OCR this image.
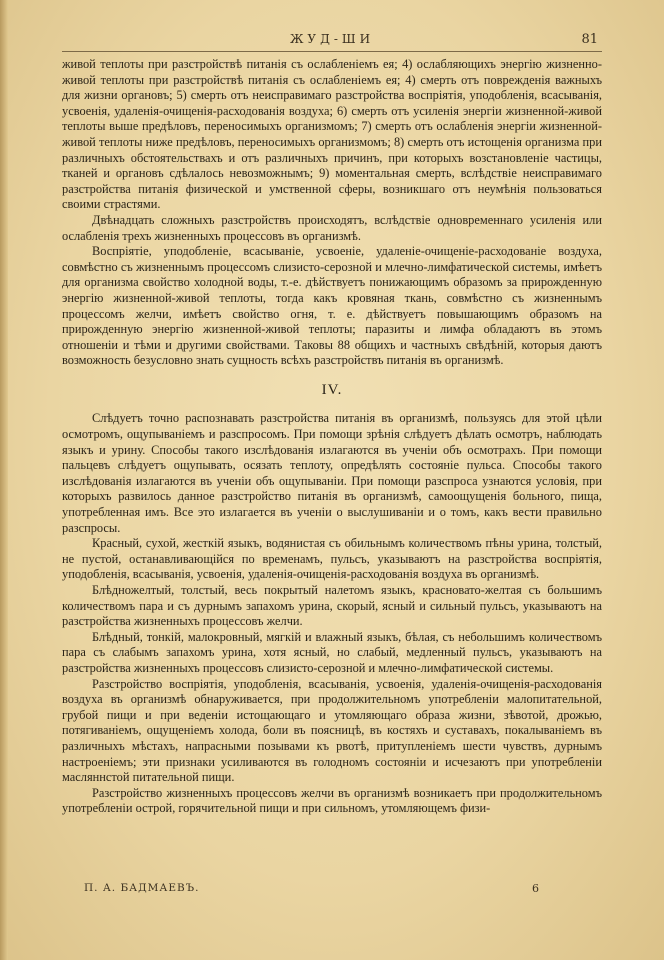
ЖУД-ШИ	81

живой теплоты при разстройствѣ питанія съ ослабленіемъ ея; 4) ослабляющихъ энергію жизненно-живой теплоты при разстройствѣ питанія съ ослабленіемъ ея; 4) смерть отъ поврежденія важныхъ для жизни органовъ; 5) смерть отъ неисправимаго разстройства воспріятія, уподобленія, всасыванія, усвоенія, удаленія-очищенія-расходованія воздуха; 6) смерть отъ усиленія энергіи жизненной-живой теплоты выше предѣловъ, переносимыхъ организмомъ; 7) смерть отъ ослабленія энергіи жизненной-живой теплоты ниже предѣловъ, переносимыхъ организмомъ; 8) смерть отъ истощенія организма при различныхъ обстоятельствахъ и отъ различныхъ причинъ, при которыхъ возстановленіе частицы, тканей и органовъ сдѣлалось невозможнымъ; 9) моментальная смерть, вслѣдствіе неисправимаго разстройства питанія физической и умственной сферы, возникшаго отъ неумѣнія пользоваться своими страстями.

Двѣнадцать сложныхъ разстройствъ происходятъ, вслѣдствіе одновременнаго усиленія или ослабленія трехъ жизненныхъ процессовъ въ организмѣ.

Воспріятіе, уподобленіе, всасываніе, усвоеніе, удаленіе-очищеніе-расходованіе воздуха, совмѣстно съ жизненнымъ процессомъ слизисто-серозной и млечно-лимфатической системы, имѣетъ для организма свойство холодной воды, т.-е. дѣйствуетъ понижающимъ образомъ за прирожденную энергію жизненной-живой теплоты, тогда какъ кровяная ткань, совмѣстно съ жизненнымъ процессомъ желчи, имѣетъ свойство огня, т. е. дѣйствуетъ повышающимъ образомъ на прирожденную энергію жизненной-живой теплоты; паразиты и лимфа обладаютъ въ этомъ отношеніи и тѣми и другими свойствами. Таковы 88 общихъ и частныхъ свѣдѣній, которыя даютъ возможность безусловно знать сущность всѣхъ разстройствъ питанія въ организмѣ.

IV.

Слѣдуетъ точно распознавать разстройства питанія въ организмѣ, пользуясь для этой цѣли осмотромъ, ощупываніемъ и разспросомъ. При помощи зрѣнія слѣдуетъ дѣлать осмотръ, наблюдать языкъ и урину. Способы такого изслѣдованія излагаются въ ученіи объ осмотрахъ. При помощи пальцевъ слѣдуетъ ощупывать, осязать теплоту, опредѣлять состояніе пульса. Способы такого изслѣдованія излагаются въ ученіи объ ощупываніи. При помощи разспроса узнаются условія, при которыхъ развилось данное разстройство питанія въ организмѣ, самоощущенія больного, пища, употребленная имъ. Все это излагается въ ученіи о выслушиваніи и о томъ, какъ вести правильно разспросы.

Красный, сухой, жесткій языкъ, водянистая съ обильнымъ количествомъ пѣны урина, толстый, не пустой, останавливающійся по временамъ, пульсъ, указываютъ на разстройства воспріятія, уподобленія, всасыванія, усвоенія, удаленія-очищенія-расходованія воздуха въ организмѣ.

Блѣдножелтый, толстый, весь покрытый налетомъ языкъ, красновато-желтая съ большимъ количествомъ пара и съ дурнымъ запахомъ урина, скорый, ясный и сильный пульсъ, указываютъ на разстройства жизненныхъ процессовъ желчи.

Блѣдный, тонкій, малокровный, мягкій и влажный языкъ, бѣлая, съ небольшимъ количествомъ пара съ слабымъ запахомъ урина, хотя ясный, но слабый, медленный пульсъ, указываютъ на разстройства жизненныхъ процессовъ слизисто-серозной и млечно-лимфатической системы.

Разстройство воспріятія, уподобленія, всасыванія, усвоенія, удаленія-очищенія-расходованія воздуха въ организмѣ обнаруживается, при продолжительномъ употребленіи малопитательной, грубой пищи и при веденіи истощающаго и утомляющаго образа жизни, зѣвотой, дрожью, потягиваніемъ, ощущеніемъ холода, боли въ поясницѣ, въ костяхъ и суставахъ, покалываніемъ въ различныхъ мѣстахъ, напрасными позывами къ рвотѣ, притупленіемъ шести чувствъ, дурнымъ настроеніемъ; эти признаки усиливаются въ голодномъ состояніи и исчезаютъ при употребленіи масляннстой питательной пищи.

Разстройство жизненныхъ процессовъ желчи въ организмѣ возникаетъ при продолжительномъ употребленіи острой, горячительной пищи и при сильномъ, утомляющемъ физи-

П. А. БАДМАЕВЪ.	6
